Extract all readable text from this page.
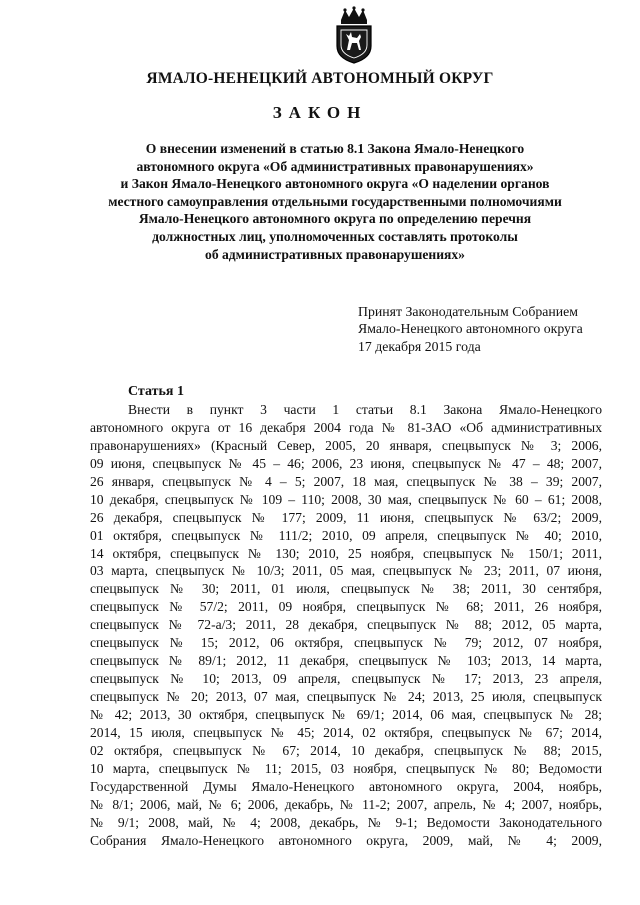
ЯМАЛО-НЕНЕЦКИЙ АВТОНОМНЫЙ ОКРУГ
ЗАКОН
О внесении изменений в статью 8.1 Закона Ямало-Ненецкого
автономного округа «Об административных правонарушениях»
и Закон Ямало-Ненецкого автономного округа «О наделении органов
местного самоуправления отдельными государственными полномочиями
Ямало-Ненецкого автономного округа по определению перечня
должностных лиц, уполномоченных составлять протоколы
об административных правонарушениях»
Принят Законодательным Собранием
Ямало-Ненецкого автономного округа
17 декабря 2015 года
Статья 1
Внести в пункт 3 части 1 статьи 8.1 Закона Ямало-Ненецкого
автономного округа от 16 декабря 2004 года № 81-ЗАО «Об административных
правонарушениях» (Красный Север, 2005, 20 января, спецвыпуск № 3; 2006,
09 июня, спецвыпуск № 45 – 46; 2006, 23 июня, спецвыпуск № 47 – 48; 2007,
26 января, спецвыпуск № 4 – 5; 2007, 18 мая, спецвыпуск № 38 – 39; 2007,
10 декабря, спецвыпуск № 109 – 110; 2008, 30 мая, спецвыпуск № 60 – 61; 2008,
26 декабря, спецвыпуск № 177; 2009, 11 июня, спецвыпуск № 63/2; 2009,
01 октября, спецвыпуск № 111/2; 2010, 09 апреля, спецвыпуск № 40; 2010,
14 октября, спецвыпуск № 130; 2010, 25 ноября, спецвыпуск № 150/1; 2011,
03 марта, спецвыпуск № 10/3; 2011, 05 мая, спецвыпуск № 23; 2011, 07 июня,
спецвыпуск № 30; 2011, 01 июля, спецвыпуск № 38; 2011, 30 сентября,
спецвыпуск № 57/2; 2011, 09 ноября, спецвыпуск № 68; 2011, 26 ноября,
спецвыпуск № 72-а/3; 2011, 28 декабря, спецвыпуск № 88; 2012, 05 марта,
спецвыпуск № 15; 2012, 06 октября, спецвыпуск № 79; 2012, 07 ноября,
спецвыпуск № 89/1; 2012, 11 декабря, спецвыпуск № 103; 2013, 14 марта,
спецвыпуск № 10; 2013, 09 апреля, спецвыпуск № 17; 2013, 23 апреля,
спецвыпуск № 20; 2013, 07 мая, спецвыпуск № 24; 2013, 25 июля, спецвыпуск
№ 42; 2013, 30 октября, спецвыпуск № 69/1; 2014, 06 мая, спецвыпуск № 28;
2014, 15 июля, спецвыпуск № 45; 2014, 02 октября, спецвыпуск № 67; 2014,
02 октября, спецвыпуск № 67; 2014, 10 декабря, спецвыпуск № 88; 2015,
10 марта, спецвыпуск № 11; 2015, 03 ноября, спецвыпуск № 80; Ведомости
Государственной Думы Ямало-Ненецкого автономного округа, 2004, ноябрь,
№ 8/1; 2006, май, № 6; 2006, декабрь, № 11-2; 2007, апрель, № 4; 2007, ноябрь,
№ 9/1; 2008, май, № 4; 2008, декабрь, № 9-1; Ведомости Законодательного
Собрания Ямало-Ненецкого автономного округа, 2009, май, № 4; 2009,
